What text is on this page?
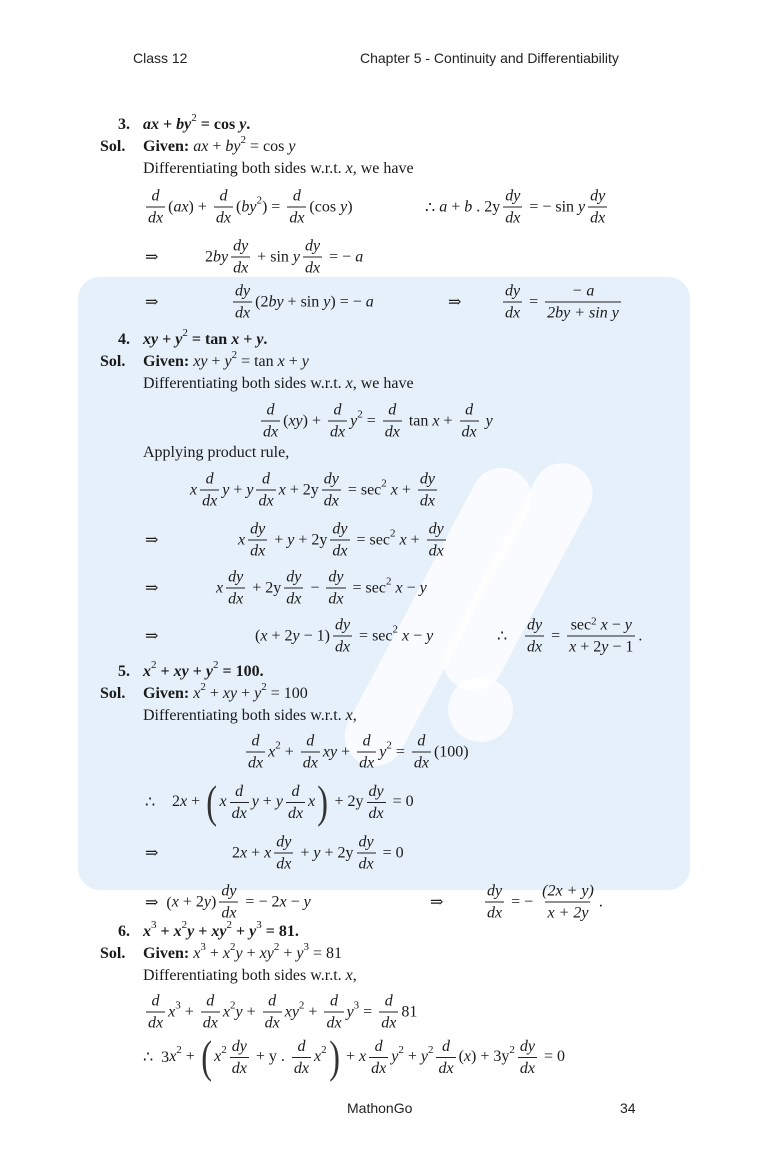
Class 12	Chapter 5 - Continuity and Differentiability
3. ax + by 2 = cos y .
Sol. Given: ax + by 2 = cos y
Differentiating both sides w.r.t. x , we have
$\frac{d}{dx}$ ( ax ) + $\frac{d}{dx}$ ( by 2 ) = $\frac{d}{dx} (\cos$ y )	∴ a + b . $2y \frac{dy}{dx}$ = − sin y $\frac{dy}{dx}$
⇒	2 by $\frac{dy}{dx} + \sin y \frac{dy}{dx}$ = − a
⇒	$\frac{dy}{dx} (2$ by + sin y ) = − a	⇒	$\frac{dy}{dx} = \frac{- a}{\text{2by + sin y}}$
4. xy + y 2 = tan x + y .
Sol. Given: xy + y 2 = tan x + y
Differentiating both sides w.r.t. x , we have
$\frac{d}{dx}$ ( xy ) + $\frac{d}{dx}$ y $2 = \frac{d}{dx}$ $\tan x + \frac{d}{dx}$
y
Applying product rule,
x $\frac{d}{dx}$ y + y $\frac{d}{dx}$ $x + 2y \frac{dy}{dx} = \sec 2$
$x + \frac{dy}{dx}$
⇒	x $\frac{dy}{dx} + y + 2y \frac{dy}{dx} = \sec 2$
$x + \frac{dy}{dx}$
⇒	x $\frac{dy}{dx} + 2y \frac{dy}{dx} - \frac{dy}{dx} = \sec 2$
x − y
⇒	( x + 2 $y - 1) \frac{dy}{dx} = \sec 2$
x − y	∴ $\frac{dy}{dx} = \sec 2$
x − y
x + 2 y − 1 .
5. x 2 + xy + y 2 = 100.
Sol. Given: x 2 + xy + y 2 = 100
Differentiating both sides w.r.t. x ,
$\frac{d}{dx}$ x $2 + \frac{d}{dx}$ xy + $\frac{d}{dx}$ y $2 = \frac{d}{dx} (100)$
∴ 2 x + ( x $\frac{d}{dx}$ y + y $\frac{d}{dx}$ x ) + $2y \frac{dy}{dx} = 0$
⇒	2 x + x $\frac{dy}{dx} + y + 2y \frac{dy}{dx} = 0$
⇒  ( x + 2 y ) $\frac{dy}{dx}$ = − 2 x − y	⇒	$\frac{dy}{dx}$ = − $\frac{(2x + y)}{x + 2y}$ .
6. x 3 + x 2 y + xy 2 + y 3 = 81.
Sol. Given: x 3 + x 2 y + xy 2 + y 3 = 81
Differentiating both sides w.r.t. x ,
$\frac{d}{dx}$ x $3 + \frac{d}{dx}$ x 2 $y + \frac{d}{dx}$ xy $2 + \frac{d}{dx}$ y $3 = \frac{d}{dx} 81$
∴  3 x 2 + ( x $2 \frac{dy}{dx} + y$ . $\frac{d}{dx}$ x 2 ) + x $\frac{d}{dx}$ y 2 + y $2 \frac{d}{dx}$ ( x ) + 3y $2 \frac{dy}{dx} = 0$
MathonGo	34
